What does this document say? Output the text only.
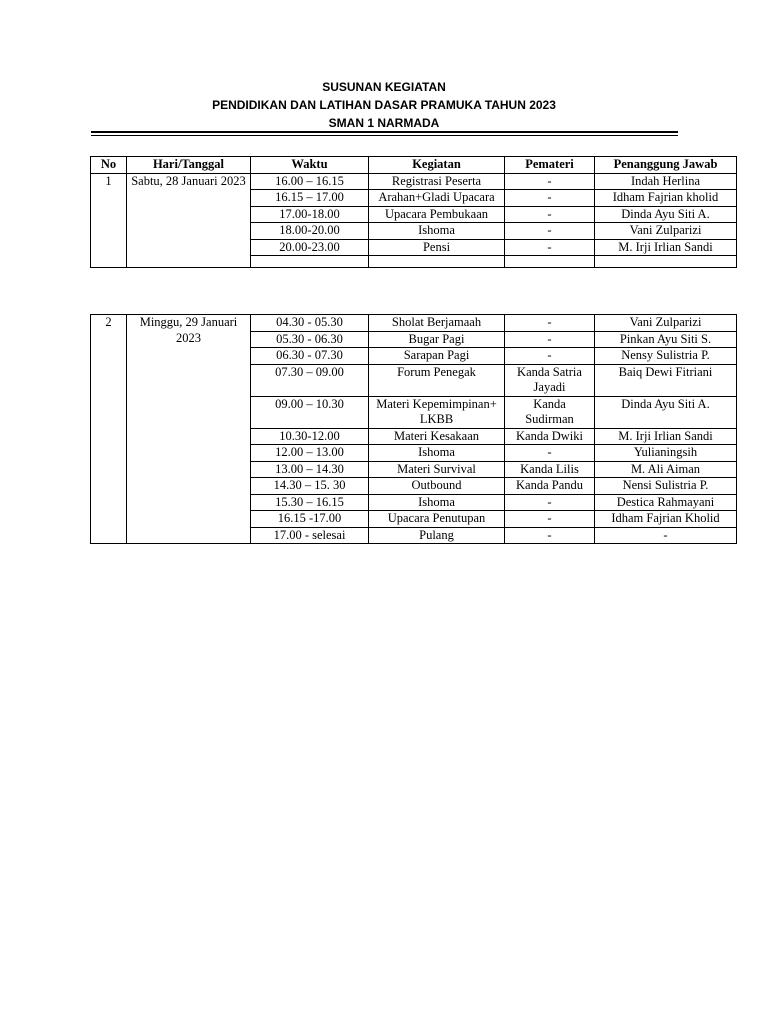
SUSUNAN KEGIATAN
PENDIDIKAN DAN LATIHAN DASAR PRAMUKA TAHUN 2023
SMAN 1 NARMADA
No	Hari/Tanggal	Waktu	Kegiatan	Pemateri	Penanggung Jawab
1	Sabtu, 28 Januari 2023	16.00 – 16.15	Registrasi Peserta	-	Indah Herlina
		16.15 – 17.00	Arahan+Gladi Upacara	-	Idham Fajrian kholid
		17.00-18.00	Upacara Pembukaan	-	Dinda Ayu Siti A.
		18.00-20.00	Ishoma	-	Vani Zulparizi
		20.00-23.00	Pensi	-	M. Irji Irlian Sandi

2	Minggu, 29 Januari 2023	04.30 - 05.30	Sholat Berjamaah	-	Vani Zulparizi
		05.30 - 06.30	Bugar Pagi	-	Pinkan Ayu Siti S.
		06.30 - 07.30	Sarapan Pagi	-	Nensy Sulistria P.
		07.30 – 09.00	Forum Penegak	Kanda Satria Jayadi	Baiq Dewi Fitriani
		09.00 – 10.30	Materi Kepemimpinan+ LKBB	Kanda Sudirman	Dinda Ayu Siti A.
		10.30-12.00	Materi Kesakaan	Kanda Dwiki	M. Irji Irlian Sandi
		12.00 – 13.00	Ishoma	-	Yulianingsih
		13.00 – 14.30	Materi Survival	Kanda Lilis	M. Ali Aiman
		14.30 – 15. 30	Outbound	Kanda Pandu	Nensi Sulistria P.
		15.30 – 16.15	Ishoma	-	Destica Rahmayani
		16.15 -17.00	Upacara Penutupan	-	Idham Fajrian Kholid
		17.00 - selesai	Pulang	-	-
